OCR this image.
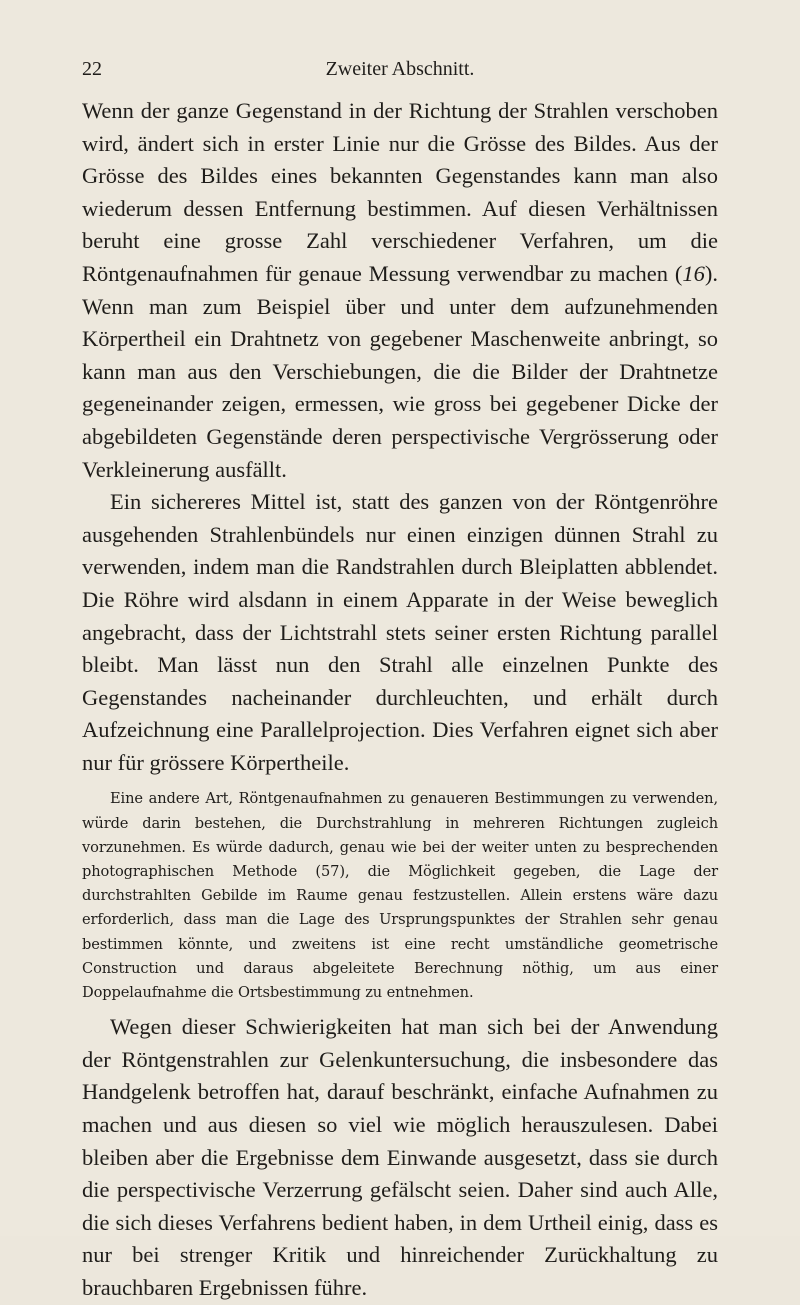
22	Zweiter Abschnitt.

Wenn der ganze Gegenstand in der Richtung der Strahlen verschoben wird, ändert sich in erster Linie nur die Grösse des Bildes. Aus der Grösse des Bildes eines bekannten Gegenstandes kann man also wiederum dessen Entfernung bestimmen. Auf diesen Verhältnissen beruht eine grosse Zahl verschiedener Verfahren, um die Röntgenaufnahmen für genaue Messung verwendbar zu machen (16). Wenn man zum Beispiel über und unter dem aufzunehmenden Körpertheil ein Drahtnetz von gegebener Maschenweite anbringt, so kann man aus den Verschiebungen, die die Bilder der Drahtnetze gegeneinander zeigen, ermessen, wie gross bei gegebener Dicke der abgebildeten Gegenstände deren perspectivische Vergrösserung oder Verkleinerung ausfällt.

Ein sichereres Mittel ist, statt des ganzen von der Röntgenröhre ausgehenden Strahlenbündels nur einen einzigen dünnen Strahl zu verwenden, indem man die Randstrahlen durch Bleiplatten abblendet. Die Röhre wird alsdann in einem Apparate in der Weise beweglich angebracht, dass der Lichtstrahl stets seiner ersten Richtung parallel bleibt. Man lässt nun den Strahl alle einzelnen Punkte des Gegenstandes nacheinander durchleuchten, und erhält durch Aufzeichnung eine Parallelprojection. Dies Verfahren eignet sich aber nur für grössere Körpertheile.

Eine andere Art, Röntgenaufnahmen zu genaueren Bestimmungen zu verwenden, würde darin bestehen, die Durchstrahlung in mehreren Richtungen zugleich vorzunehmen. Es würde dadurch, genau wie bei der weiter unten zu besprechenden photographischen Methode (57), die Möglichkeit gegeben, die Lage der durchstrahlten Gebilde im Raume genau festzustellen. Allein erstens wäre dazu erforderlich, dass man die Lage des Ursprungspunktes der Strahlen sehr genau bestimmen könnte, und zweitens ist eine recht umständliche geometrische Construction und daraus abgeleitete Berechnung nöthig, um aus einer Doppelaufnahme die Ortsbestimmung zu entnehmen.

Wegen dieser Schwierigkeiten hat man sich bei der Anwendung der Röntgenstrahlen zur Gelenkuntersuchung, die insbesondere das Handgelenk betroffen hat, darauf beschränkt, einfache Aufnahmen zu machen und aus diesen so viel wie möglich herauszulesen. Dabei bleiben aber die Ergebnisse dem Einwande ausgesetzt, dass sie durch die perspectivische Verzerrung gefälscht seien. Daher sind auch Alle, die sich dieses Verfahrens bedient haben, in dem Urtheil einig, dass es nur bei strenger Kritik und hinreichender Zurückhaltung zu brauchbaren Ergebnissen führe.
